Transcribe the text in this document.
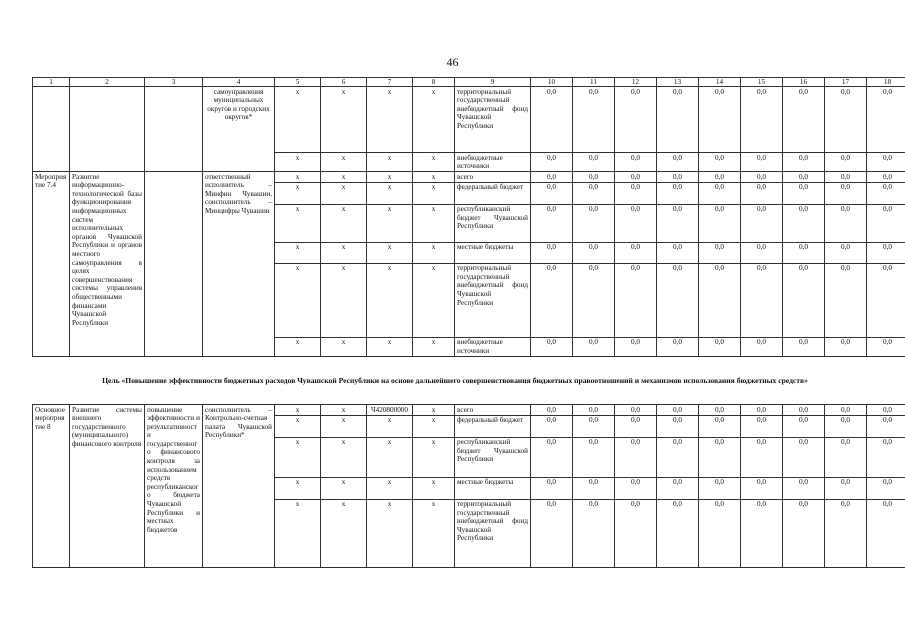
46
1	2	3	4	5	6	7	8	9	10	11	12	13	14	15	16	17	18
			самоуправления муниципальных округов и городских округов*	x	x	x	x	территориальный государственный внебюджетный фонд Чувашской Республики	0,0	0,0	0,0	0,0	0,0	0,0	0,0	0,0	0,0
				x	x	x	x	внебюджетные источники	0,0	0,0	0,0	0,0	0,0	0,0	0,0	0,0	0,0
Мероприятие 7.4	Развитие информационно-технологической базы функционирования информационных систем исполнительных органов Чувашской Республики и органов местного самоуправления в целях совершенствования системы управления общественными финансами Чувашской Республики		ответственный исполнитель – Минфин Чувашии, соисполнитель – Минцифры Чувашии	x	x	x	x	всего	0,0	0,0	0,0	0,0	0,0	0,0	0,0	0,0	0,0
				x	x	x	x	федеральный бюджет	0,0	0,0	0,0	0,0	0,0	0,0	0,0	0,0	0,0
				x	x	x	x	республиканский бюджет Чувашской Республики	0,0	0,0	0,0	0,0	0,0	0,0	0,0	0,0	0,0
				x	x	x	x	местные бюджеты	0,0	0,0	0,0	0,0	0,0	0,0	0,0	0,0	0,0
				x	x	x	x	территориальный государственный внебюджетный фонд Чувашской Республики	0,0	0,0	0,0	0,0	0,0	0,0	0,0	0,0	0,0
				x	x	x	x	внебюджетные источники	0,0	0,0	0,0	0,0	0,0	0,0	0,0	0,0	0,0
Цель «Повышение эффективности бюджетных расходов Чувашской Республики на основе дальнейшего совершенствования бюджетных правоотношений и механизмов использования бюджетных средств»
Основное мероприятие 8	Развитие системы внешнего государственного (муниципального) финансового контроля	повышение эффективности и результативности государственного финансового контроля за использованием средств республиканского бюджета Чувашской Республики и местных бюджетов	соисполнитель – Контрольно-счетная палата Чувашской Республики*	x	x	Ч420800000	x	всего	0,0	0,0	0,0	0,0	0,0	0,0	0,0	0,0	0,0
				x	x	x	x	федеральный бюджет	0,0	0,0	0,0	0,0	0,0	0,0	0,0	0,0	0,0
				x	x	x	x	республиканский бюджет Чувашской Республики	0,0	0,0	0,0	0,0	0,0	0,0	0,0	0,0	0,0
				x	x	x	x	местные бюджеты	0,0	0,0	0,0	0,0	0,0	0,0	0,0	0,0	0,0
				x	x	x	x	территориальный государственный внебюджетный фонд Чувашской Республики	0,0	0,0	0,0	0,0	0,0	0,0	0,0	0,0	0,0
